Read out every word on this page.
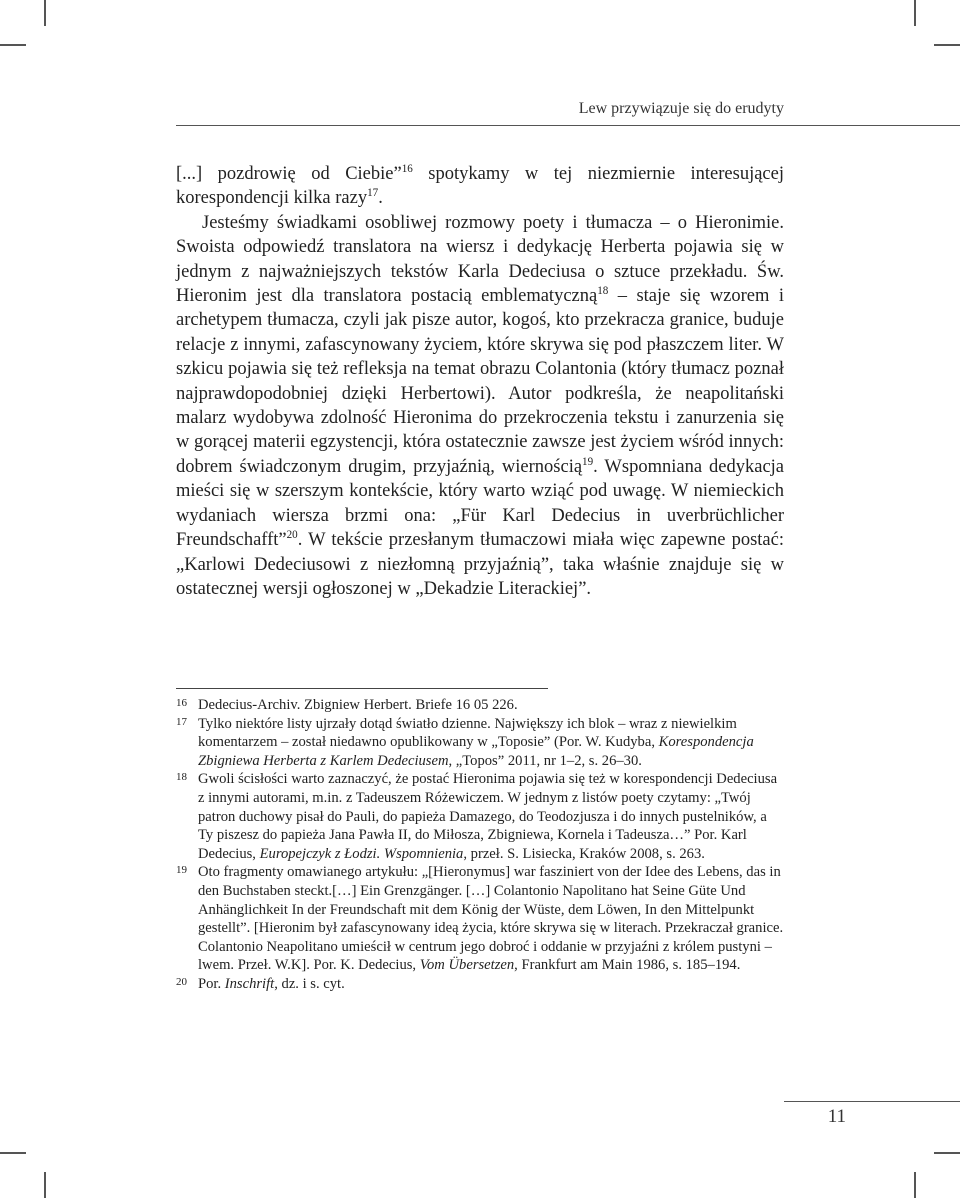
Lew przywiązuje się do erudyty

[...] pozdrowię od Ciebie”$^{16}$ spotykamy w tej niezmiernie interesującej korespondencji kilka razy$^{17}$.

Jesteśmy świadkami osobliwej rozmowy poety i tłumacza – o Hieronimie. Swoista odpowiedź translatora na wiersz i dedykację Herberta pojawia się w jednym z najważniejszych tekstów Karla Dedeciusa o sztuce przekładu. Św. Hieronim jest dla translatora postacią emblematyczną$^{18}$ – staje się wzorem i archetypem tłumacza, czyli jak pisze autor, kogoś, kto przekracza granice, buduje relacje z innymi, zafascynowany życiem, które skrywa się pod płaszczem liter. W szkicu pojawia się też refleksja na temat obrazu Colantonia (który tłumacz poznał najprawdopodobniej dzięki Herbertowi). Autor podkreśla, że neapolitański malarz wydobywa zdolność Hieronima do przekroczenia tekstu i zanurzenia się w gorącej materii egzystencji, która ostatecznie zawsze jest życiem wśród innych: dobrem świadczonym drugim, przyjaźnią, wiernością$^{19}$. Wspomniana dedykacja mieści się w szerszym kontekście, który warto wziąć pod uwagę. W niemieckich wydaniach wiersza brzmi ona: „Für Karl Dedecius in uverbrüchlicher Freundschafft”$^{20}$. W tekście przesłanym tłumaczowi miała więc zapewne postać: „Karlowi Dedeciusowi z niezłomną przyjaźnią”, taka właśnie znajduje się w ostatecznej wersji ogłoszonej w „Dekadzie Literackiej”.

16 Dedecius-Archiv. Zbigniew Herbert. Briefe 16 05 226.
17 Tylko niektóre listy ujrzały dotąd światło dzienne. Największy ich blok – wraz z niewielkim komentarzem – został niedawno opublikowany w „Toposie” (Por. W. Kudyba, Korespondencja Zbigniewa Herberta z Karlem Dedeciusem, „Topos” 2011, nr 1–2, s. 26–30.
18 Gwoli ścisłości warto zaznaczyć, że postać Hieronima pojawia się też w korespondencji Dedeciusa z innymi autorami, m.in. z Tadeuszem Różewiczem. W jednym z listów poety czytamy: „Twój patron duchowy pisał do Pauli, do papieża Damazego, do Teodozjusza i do innych pustelników, a Ty piszesz do papieża Jana Pawła II, do Miłosza, Zbigniewa, Kornela i Tadeusza…” Por. Karl Dedecius, Europejczyk z Łodzi. Wspomnienia, przeł. S. Lisiecka, Kraków 2008, s. 263.
19 Oto fragmenty omawianego artykułu: „[Hieronymus] war fasziniert von der Idee des Lebens, das in den Buchstaben steckt.[…] Ein Grenzgänger. […] Colantonio Napolitano hat Seine Güte Und Anhänglichkeit In der Freundschaft mit dem König der Wüste, dem Löwen, In den Mittelpunkt gestellt”. [Hieronim był zafascynowany ideą życia, które skrywa się w literach. Przekraczał granice. Colantonio Neapolitano umieścił w centrum jego dobroć i oddanie w przyjaźni z królem pustyni – lwem. Przeł. W.K]. Por. K. Dedecius, Vom Übersetzen, Frankfurt am Main 1986, s. 185–194.
20 Por. Inschrift, dz. i s. cyt.
11
